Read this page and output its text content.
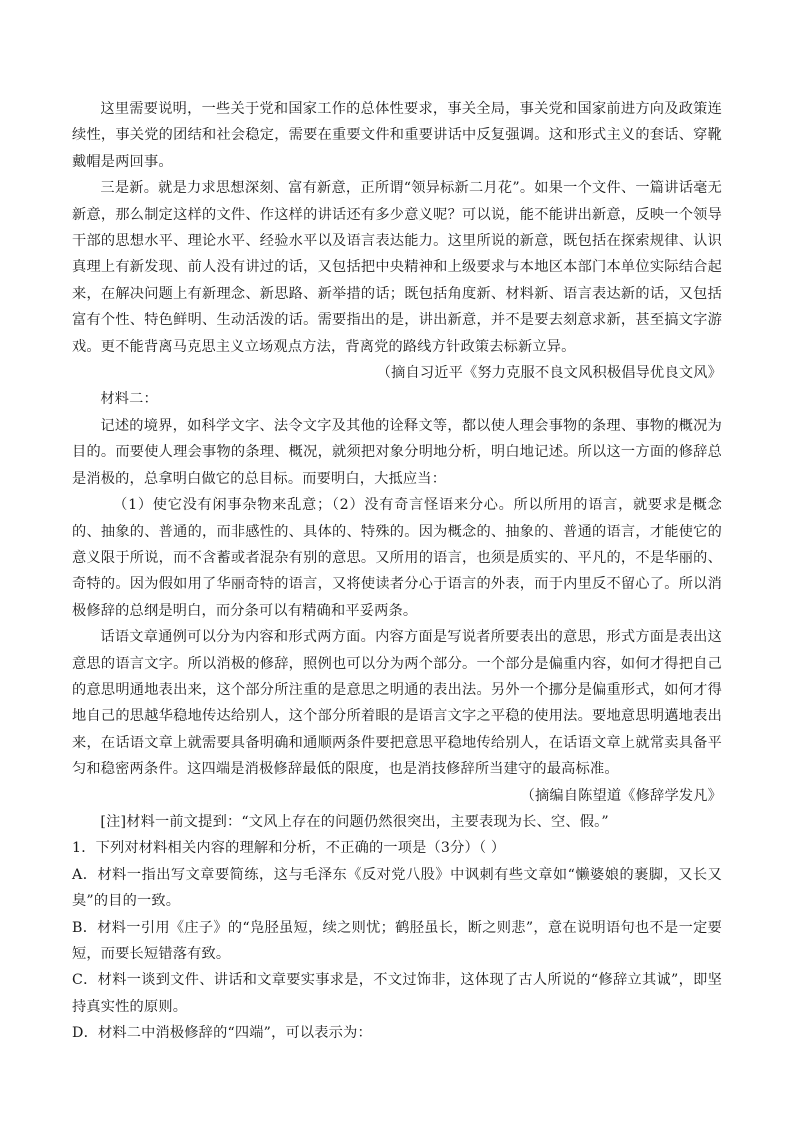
这里需要说明，一些关于党和国家工作的总体性要求，事关全局，事关党和国家前进方向及政策连续性，事关党的团结和社会稳定，需要在重要文件和重要讲话中反复强调。这和形式主义的套话、穿靴戴帽是两回事。

三是新。就是力求思想深刻、富有新意，正所谓“领异标新二月花”。如果一个文件、一篇讲话毫无新意，那么制定这样的文件、作这样的讲话还有多少意义呢？可以说，能不能讲出新意，反映一个领导干部的思想水平、理论水平、经验水平以及语言表达能力。这里所说的新意，既包括在探索规律、认识真理上有新发现、前人没有讲过的话，又包括把中央精神和上级要求与本地区本部门本单位实际结合起来，在解决问题上有新理念、新思路、新举措的话；既包括角度新、材料新、语言表达新的话，又包括富有个性、特色鲜明、生动活泼的话。需要指出的是，讲出新意，并不是要去刻意求新，甚至搞文字游戏。更不能背离马克思主义立场观点方法，背离党的路线方针政策去标新立异。

（摘自习近平《努力克服不良文风积极倡导优良文风》

材料二：

记述的境界，如科学文字、法令文字及其他的诠释文等，都以使人理会事物的条理、事物的概况为目的。而要使人理会事物的条理、概况，就须把对象分明地分析，明白地记述。所以这一方面的修辞总是消极的，总拿明白做它的总目标。而要明白，大抵应当：

（1）使它没有闲事杂物来乱意；（2）没有奇言怪语来分心。所以所用的语言，就要求是概念的、抽象的、普通的，而非感性的、具体的、特殊的。因为概念的、抽象的、普通的语言，才能使它的意义限于所说，而不含蓄或者混杂有别的意思。又所用的语言，也须是质实的、平凡的，不是华丽的、奇特的。因为假如用了华丽奇特的语言，又将使读者分心于语言的外表，而于内里反不留心了。所以消极修辞的总纲是明白，而分条可以有精确和平妥两条。

话语文章通例可以分为内容和形式两方面。内容方面是写说者所要表出的意思，形式方面是表出这意思的语言文字。所以消极的修辞，照例也可以分为两个部分。一个部分是偏重内容，如何才得把自己的意思明通地表出来，这个部分所注重的是意思之明通的表出法。另外一个挪分是偏重形式，如何才得地自己的思越华稳地传达给别人，这个部分所着眼的是语言文字之平稳的使用法。要地意思明邁地表出来，在话语文章上就需要具备明确和通顺两条件要把意思平稳地传给别人，在话语文章上就常卖具备平匀和稳密两条件。这四端是消极修辞最低的限度，也是消技修辞所当建守的最高标准。

（摘编自陈望道《修辞学发凡》

[注]材料一前文提到：“文风上存在的问题仍然很突出，主要表现为长、空、假。”

1．下列对材料相关内容的理解和分析，不正确的一项是（3分）（ ）

A．材料一指出写文章要简练，这与毛泽东《反对党八股》中讽刺有些文章如“懒婆娘的裹脚，又长又臭”的目的一致。

B．材料一引用《庄子》的“凫胫虽短，续之则忧；鹤胫虽长，断之则悲”，意在说明语句也不是一定要短，而要长短错落有致。

C．材料一谈到文件、讲话和文章要实事求是，不文过饰非，这体现了古人所说的“修辞立其诚”，即坚持真实性的原则。

D．材料二中消极修辞的“四端”，可以表示为：
